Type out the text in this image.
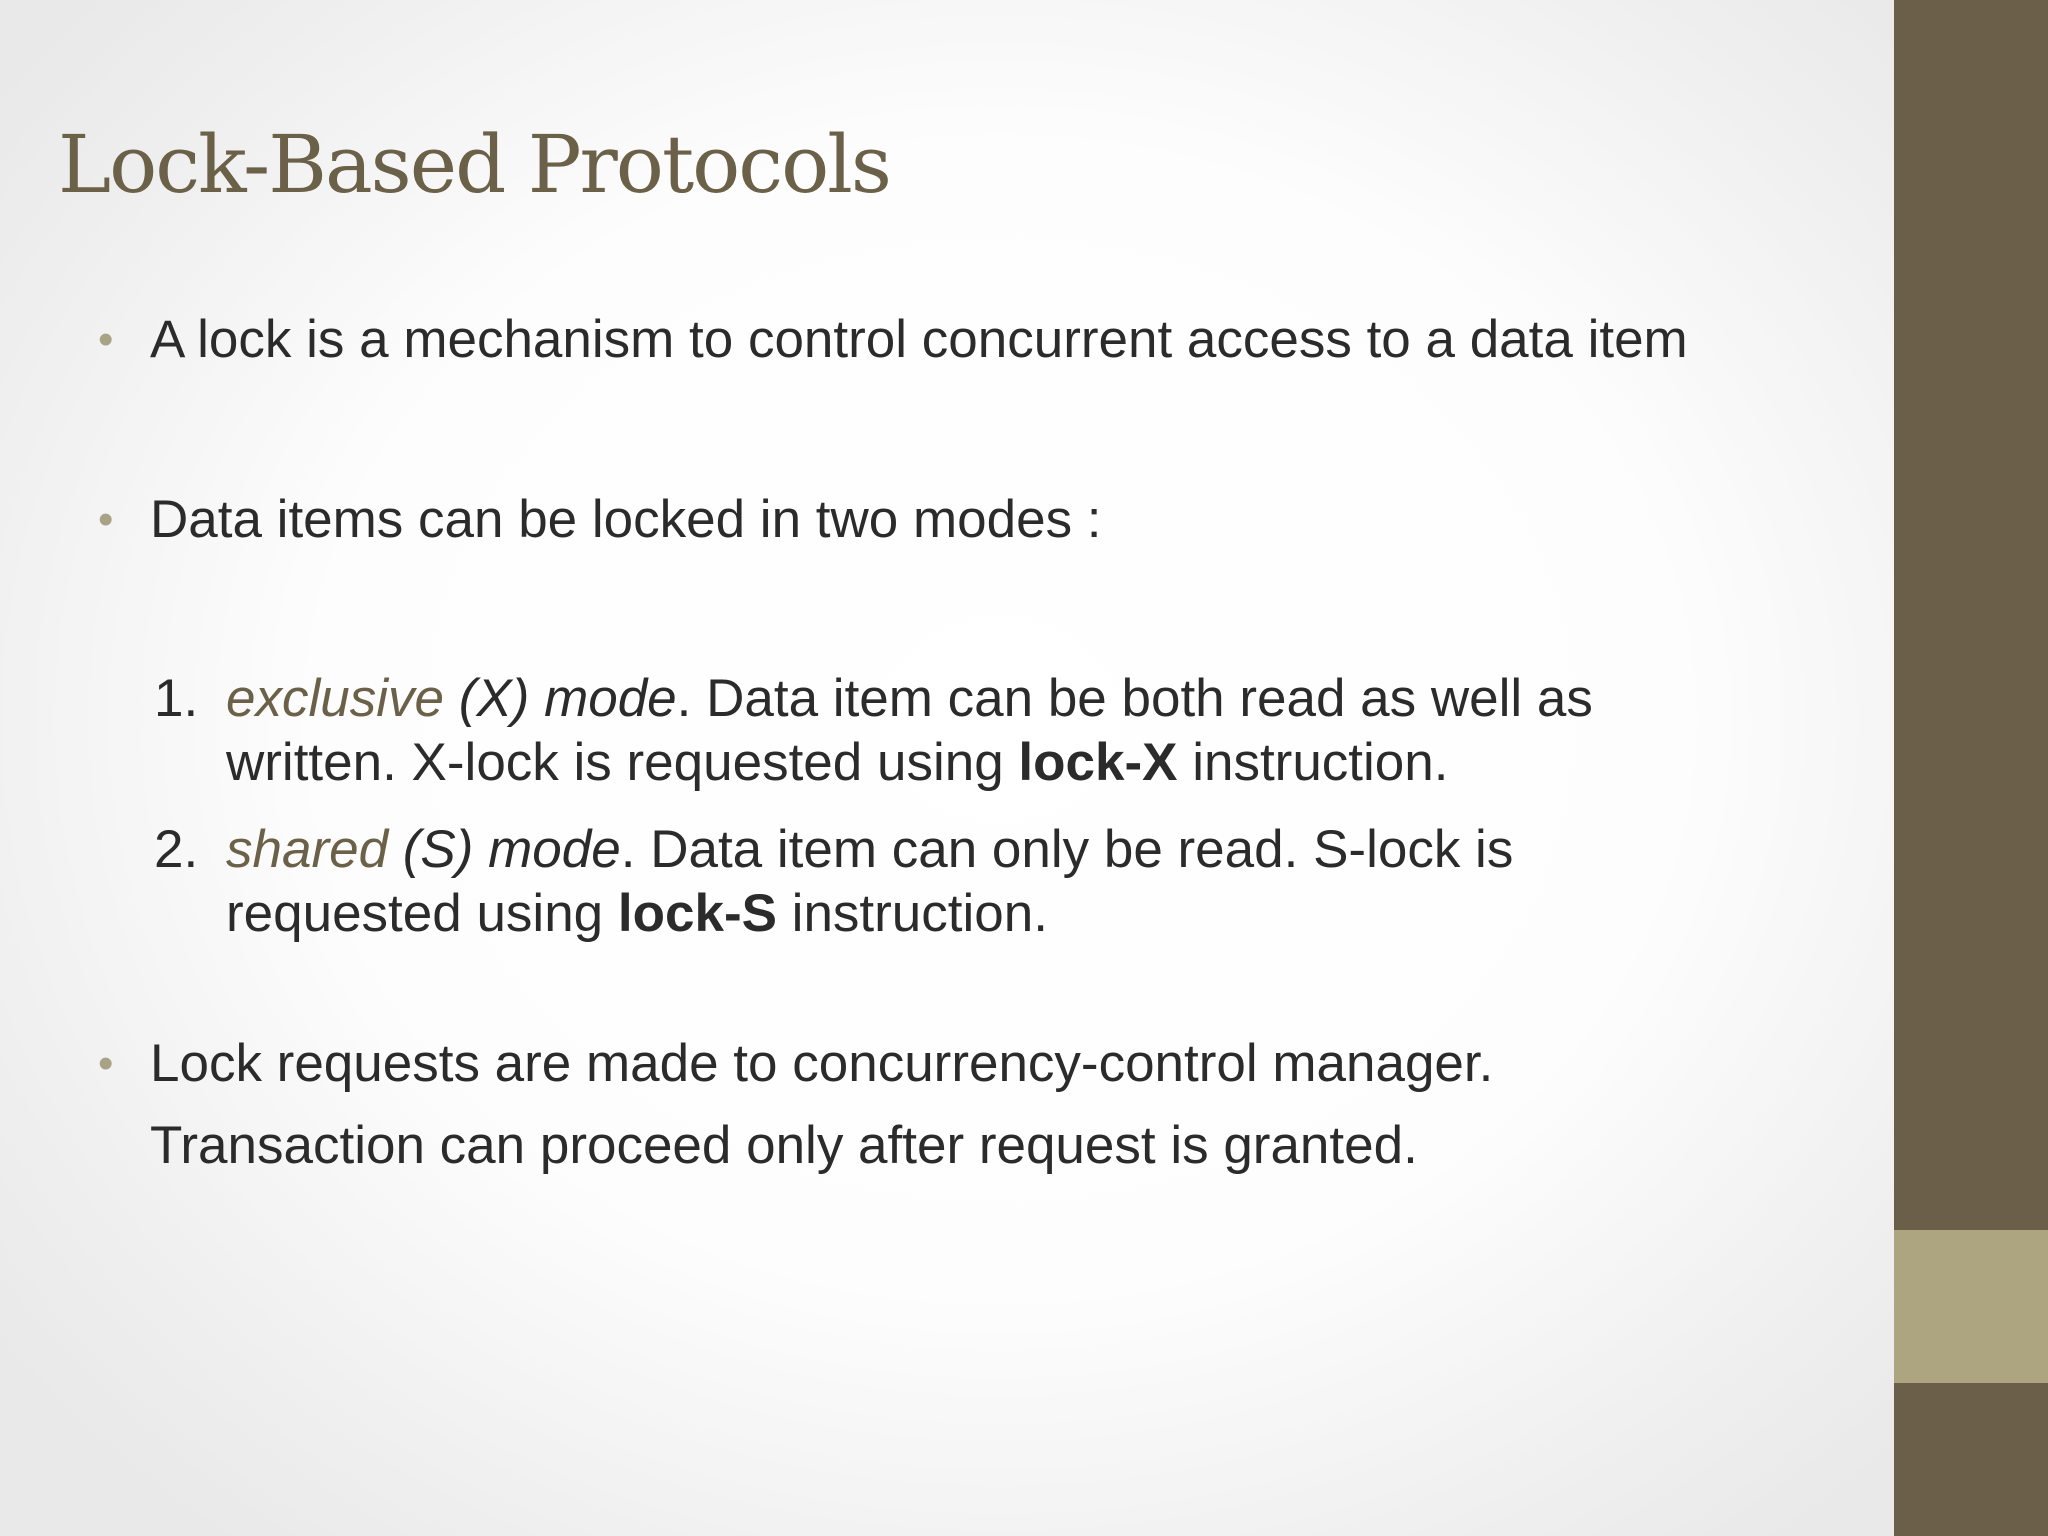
Lock-Based Protocols
• A lock is a mechanism to control concurrent access to a data item
• Data items can be locked in two modes :
1. exclusive (X) mode. Data item can be both read as well as
written. X-lock is requested using lock-X instruction.
2. shared (S) mode. Data item can only be read. S-lock is
requested using lock-S instruction.
• Lock requests are made to concurrency-control manager.
Transaction can proceed only after request is granted.
